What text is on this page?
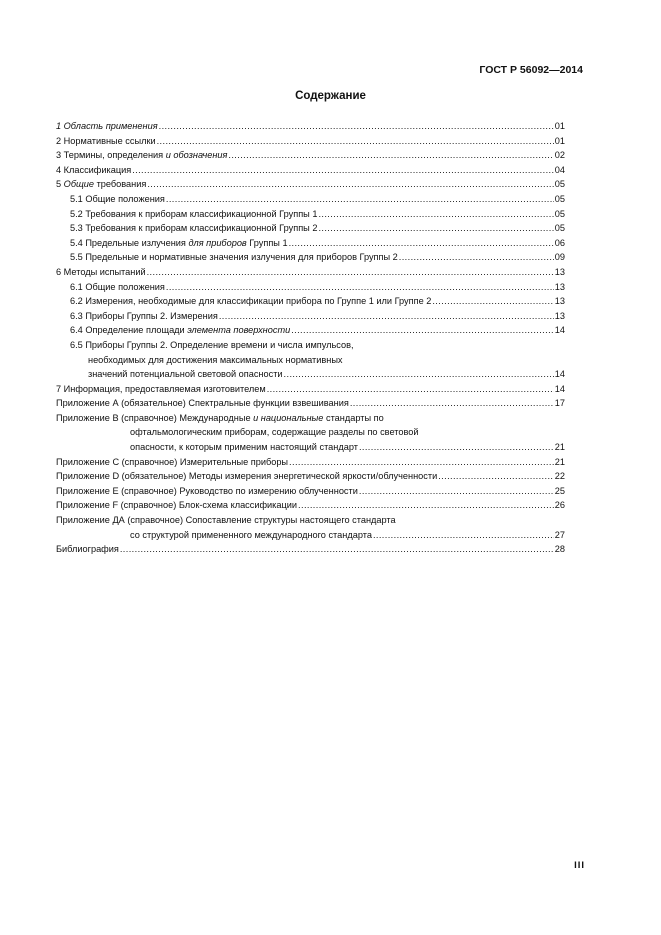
ГОСТ Р 56092—2014
Содержание
1 Область применения .....	01
2 Нормативные ссылки .....	01
3 Термины, определения и обозначения .....	02
4 Классификация .....	04
5 Общие требования .....	05
5.1 Общие положения .....	05
5.2 Требования к приборам классификационной Группы 1 .....	05
5.3 Требования к приборам классификационной Группы 2 .....	05
5.4 Предельные излучения для приборов Группы 1 .....	06
5.5 Предельные и нормативные значения излучения для приборов Группы 2 .....	09
6 Методы испытаний .....	13
6.1 Общие положения .....	13
6.2 Измерения, необходимые для классификации прибора по Группе 1 или Группе 2 .....	13
6.3 Приборы Группы 2. Измерения .....	13
6.4 Определение площади элемента поверхности .....	14
6.5 Приборы Группы 2. Определение времени и числа импульсов,
необходимых для достижения максимальных нормативных
значений потенциальной световой опасности .....	14
7 Информация, предоставляемая изготовителем .....	14
Приложение А (обязательное) Спектральные функции взвешивания .....	17
Приложение В (справочное) Международные и национальные стандарты по
офтальмологическим приборам, содержащие разделы по световой
опасности, к которым применим настоящий стандарт .....	21
Приложение С (справочное) Измерительные приборы .....	21
Приложение D (обязательное) Методы измерения энергетической яркости/облученности .....	22
Приложение Е (справочное) Руководство по измерению облученности .....	25
Приложение F (справочное) Блок-схема классификации .....	26
Приложение ДА (справочное) Сопоставление структуры настоящего стандарта
со структурой примененного международного стандарта .....	27
Библиография .....	28
III
